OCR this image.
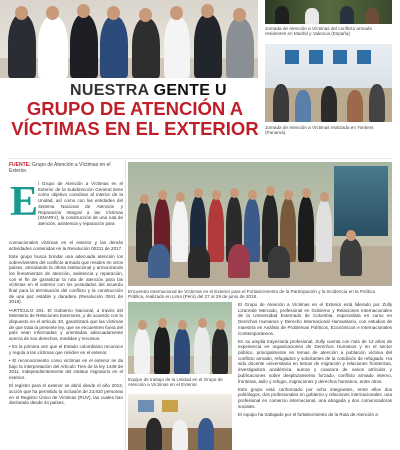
Jornada de Atención a Víctimas del conflicto armado residentes en Madrid y Valencia (España)
Jornada de Atención a Víctimas realizada en Yonkers (Panamá).
NUESTRA GENTE U
GRUPO DE ATENCIÓN A VÍCTIMAS EN EL EXTERIOR
FUENTE: Grupo de Atención a Víctimas en el Exterior.
E l Grupo de Atención a Víctimas en el Exterior de la Subdirección General tiene como objetivo coordinar al interior de la Unidad, así como con las entidades del Sistema Nacional de Atención y Reparación Integral a las Víctimas (SNARIV), la construcción de una ruta de atención, asistencia y reparación para

connacionales víctimas en el exterior y las demás actividades contenidas en la Resolución 00211 de 2017.

Este grupo busca brindar una adecuada atención los sobrevivientes del conflicto armado que residen en otros países, articulando la oferta institucional y armonizando los lineamientos de atención, asistencia y reparación, con el fin de garantizar la ruta de atención para las víctimas en el exterior con los postulados del acuerdo final para la terminación del conflicto y la construcción de una paz estable y duradera (Resolución 0041 de 2018).

•ARTÍCULO 204. El Gobierno Nacional, a través del Ministerio de Relaciones Exteriores, y de acuerdo con lo dispuesto en el artículo 30, garantizará que las víctimas de que trata la presente ley, que se encuentren fuera del país sean informadas y orientadas adecuadamente acerca de sus derechos, medidas y recursos.

• Es la primera vez que el Estado colombiano reconoce y regula a las víctimas que residen en el exterior.

• El reconocimiento como víctimas en el exterior se da bajo la interpretación del Artículo Tres de la ley 1448 de 2011, independientemente del estatus migratorio en el exterior.

El registro para el exterior se abrió desde el año 2012, acción que ha permitido la inclusión de 23.810 personas en el Registro Único de Víctimas (RUV), las cuales han declarado desde 44 países.

Encuentro Internacional de Víctimas en el Exterior para el Fortalecimiento de la Participación y la Incidencia en la Política Pública, realizado en Lima (Perú) del 27 al 29 de junio de 2018.
Equipo de trabajo de la Unidad en el Grupo de Atención a Víctimas en el Exterior.

El Grupo de Atención a Víctimas en el Exterior está liderado por Zully Lizarrede Mercado, profesional en Gobierno y Relaciones Internacionales de la Universidad Externado de Colombia, especialista en curso en Derechos Humanos y Derecho Internacional Humanitario, con estudios de maestría en Análisis de Problemas Políticos, Económicos e Internacionales Contemporáneos.

En su amplia trayectoria profesional, Zully cuenta con más de 12 años de experiencia en organizaciones de Derechos Humanos y en el sector público, principalmente en temas de atención a población víctima del conflicto armado, refugiados y solicitantes de la condición de refugiado. Ha sido docente universitaria en temas de migración y relaciones fronterizas, investigadora académica, autora y coautora de varios artículos y publicaciones sobre desplazamiento forzado, conflicto armado interno, fronteras, asilo y refugio, migraciones y derechos humanos, entre otros.

Este grupo está conformado por ocho integrantes, entre ellos dos politólogos, dos profesionales en gobierno y relaciones internacionales, una profesional en comercio internacional, una abogada y dos comunicadoras sociales.

El equipo ha trabajado por el fortalecimiento de la Ruta de Atención a
